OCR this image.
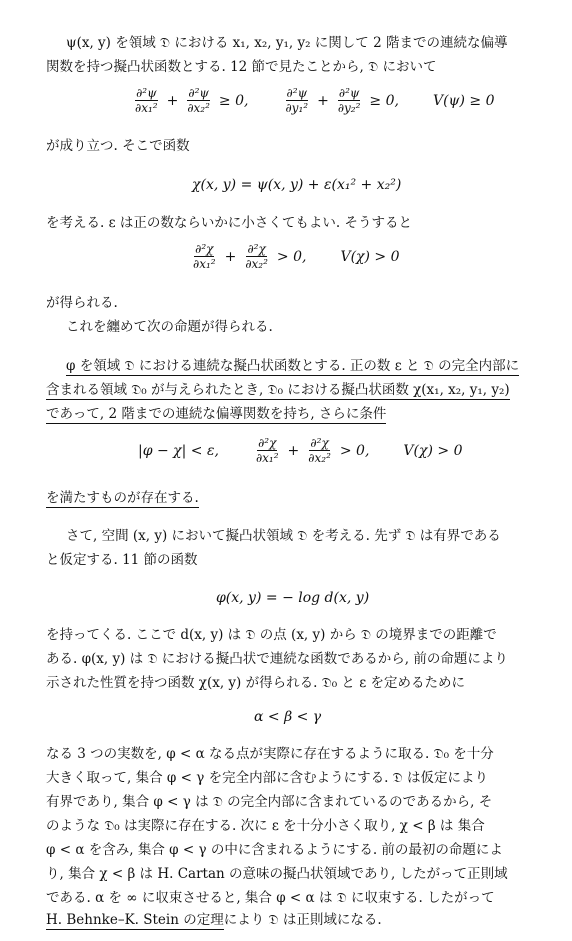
ψ(x, y) を領域 𝔇 における x₁, x₂, y₁, y₂ に関して 2 階までの連続な偏導
関数を持つ擬凸状函数とする. 12 節で見たことから, 𝔇 において
$\frac{\text{∂²ψ}}{\text{∂x₁²}} + \frac{\text{∂²ψ}}{\text{∂x₂²}} \ge 0$,	$\frac{\text{∂²ψ}}{\text{∂y₁²}} + \frac{\text{∂²ψ}}{\text{∂y₂²}} \ge 0$, V(ψ) ≥ 0
が成り立つ. そこで函数
χ(x, y) = ψ(x, y) + ε(x₁² + x₂²)
を考える. ε は正の数ならいかに小さくてもよい. そうすると
$\frac{\text{∂²χ}}{\text{∂x₁²}} + \frac{\text{∂²χ}}{\text{∂x₂²}} > 0$, V(χ) > 0
が得られる.
これを纏めて次の命題が得られる.
φ を領域 𝔇 における連続な擬凸状函数とする. 正の数 ε と 𝔇 の完全内部に
含まれる領域 𝔇₀ が与えられたとき, 𝔇₀ における擬凸状函数 χ(x₁, x₂, y₁, y₂)
であって, 2 階までの連続な偏導関数を持ち, さらに条件
|φ − χ| < ε,	$\frac{\text{∂²χ}}{\text{∂x₁²}} + \frac{\text{∂²χ}}{\text{∂x₂²}} > 0$, V(χ) > 0
を満たすものが存在する.
さて, 空間 (x, y) において擬凸状領域 𝔇 を考える. 先ず 𝔇 は有界である
と仮定する. 11 節の函数
φ(x, y) = − log d(x, y)
を持ってくる. ここで d(x, y) は 𝔇 の点 (x, y) から 𝔇 の境界までの距離で
ある. φ(x, y) は 𝔇 における擬凸状で連続な函数であるから, 前の命題により
示された性質を持つ函数 χ(x, y) が得られる. 𝔇₀ と ε を定めるために
α < β < γ
なる 3 つの実数を, φ < α なる点が実際に存在するように取る. 𝔇₀ を十分
大きく取って, 集合 φ < γ を完全内部に含むようにする. 𝔇 は仮定により
有界であり, 集合 φ < γ は 𝔇 の完全内部に含まれているのであるから, そ
のような 𝔇₀ は実際に存在する. 次に ε を十分小さく取り, χ < β は 集合
φ < α を含み, 集合 φ < γ の中に含まれるようにする. 前の最初の命題によ
り, 集合 χ < β は H. Cartan の意味の擬凸状領域であり, したがって正則域
である. α を ∞ に収束させると, 集合 φ < α は 𝔇 に収束する. したがって
H. Behnke–K. Stein の定理により 𝔇 は正則域になる.
